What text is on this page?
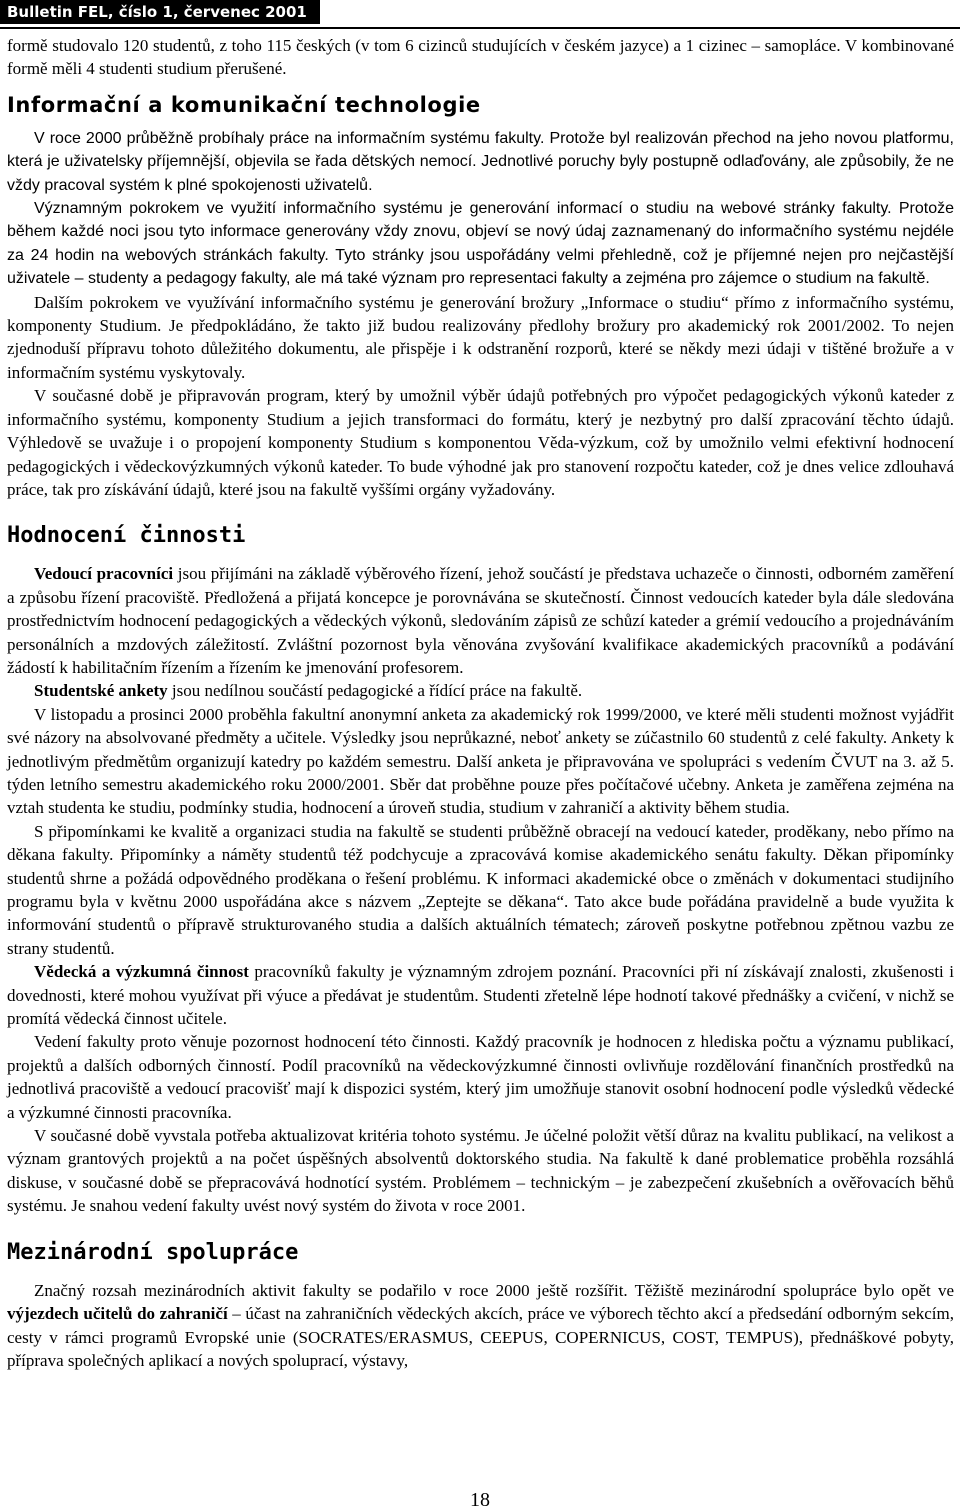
Bulletin FEL, číslo 1, červenec 2001

formě studovalo 120 studentů, z toho 115 českých (v tom 6 cizinců studujících v českém jazyce) a 1 cizinec – samopláce. V kombinované formě měli 4 studenti studium přerušené.

Informační a komunikační technologie

V roce 2000 průběžně probíhaly práce na informačním systému fakulty. Protože byl realizován přechod na jeho novou platformu, která je uživatelsky příjemnější, objevila se řada dětských nemocí. Jednotlivé poruchy byly postupně odlaďovány, ale způsobily, že ne vždy pracoval systém k plné spokojenosti uživatelů.

Významným pokrokem ve využití informačního systému je generování informací o studiu na webové stránky fakulty. Protože během každé noci jsou tyto informace generovány vždy znovu, objeví se nový údaj zaznamenaný do informačního systému nejdéle za 24 hodin na webových stránkách fakulty. Tyto stránky jsou uspořádány velmi přehledně, což je příjemné nejen pro nejčastější uživatele – studenty a pedagogy fakulty, ale má také význam pro representaci fakulty a zejména pro zájemce o studium na fakultě.

Dalším pokrokem ve využívání informačního systému je generování brožury „Informace o studiu“ přímo z informačního systému, komponenty Studium. Je předpokládáno, že takto již budou realizovány předlohy brožury pro akademický rok 2001/2002. To nejen zjednoduší přípravu tohoto důležitého dokumentu, ale přispěje i k odstranění rozporů, které se někdy mezi údaji v tištěné brožuře a v informačním systému vyskytovaly.

V současné době je připravován program, který by umožnil výběr údajů potřebných pro výpočet pedagogických výkonů kateder z informačního systému, komponenty Studium a jejich transformaci do formátu, který je nezbytný pro další zpracování těchto údajů. Výhledově se uvažuje i o propojení komponenty Studium s komponentou Věda-výzkum, což by umožnilo velmi efektivní hodnocení pedagogických i vědeckovýzkumných výkonů kateder. To bude výhodné jak pro stanovení rozpočtu kateder, což je dnes velice zdlouhavá práce, tak pro získávání údajů, které jsou na fakultě vyššími orgány vyžadovány.

Hodnocení činnosti

Vedoucí pracovníci jsou přijímáni na základě výběrového řízení, jehož součástí je představa uchazeče o činnosti, odborném zaměření a způsobu řízení pracoviště. Předložená a přijatá koncepce je porovnávána se skutečností. Činnost vedoucích kateder byla dále sledována prostřednictvím hodnocení pedagogických a vědeckých výkonů, sledováním zápisů ze schůzí kateder a grémií vedoucího a projednáváním personálních a mzdových záležitostí. Zvláštní pozornost byla věnována zvyšování kvalifikace akademických pracovníků a podávání žádostí k habilitačním řízením a řízením ke jmenování profesorem.

Studentské ankety jsou nedílnou součástí pedagogické a řídící práce na fakultě.

V listopadu a prosinci 2000 proběhla fakultní anonymní anketa za akademický rok 1999/2000, ve které měli studenti možnost vyjádřit své názory na absolvované předměty a učitele. Výsledky jsou neprůkazné, neboť ankety se zúčastnilo 60 studentů z celé fakulty. Ankety k jednotlivým předmětům organizují katedry po každém semestru. Další anketa je připravována ve spolupráci s vedením ČVUT na 3. až 5. týden letního semestru akademického roku 2000/2001. Sběr dat proběhne pouze přes počítačové učebny. Anketa je zaměřena zejména na vztah studenta ke studiu, podmínky studia, hodnocení a úroveň studia, studium v zahraničí a aktivity během studia.

S připomínkami ke kvalitě a organizaci studia na fakultě se studenti průběžně obracejí na vedoucí kateder, proděkany, nebo přímo na děkana fakulty. Připomínky a náměty studentů též podchycuje a zpracovává komise akademického senátu fakulty. Děkan připomínky studentů shrne a požádá odpovědného proděkana o řešení problému. K informaci akademické obce o změnách v dokumentaci studijního programu byla v květnu 2000 uspořádána akce s názvem „Zeptejte se děkana“. Tato akce bude pořádána pravidelně a bude využita k informování studentů o přípravě strukturovaného studia a dalších aktuálních tématech; zároveň poskytne potřebnou zpětnou vazbu ze strany studentů.

Vědecká a výzkumná činnost pracovníků fakulty je významným zdrojem poznání. Pracovníci při ní získávají znalosti, zkušenosti i dovednosti, které mohou využívat při výuce a předávat je studentům. Studenti zřetelně lépe hodnotí takové přednášky a cvičení, v nichž se promítá vědecká činnost učitele.

Vedení fakulty proto věnuje pozornost hodnocení této činnosti. Každý pracovník je hodnocen z hlediska počtu a významu publikací, projektů a dalších odborných činností. Podíl pracovníků na vědeckovýzkumné činnosti ovlivňuje rozdělování finančních prostředků na jednotlivá pracoviště a vedoucí pracovišť mají k dispozici systém, který jim umožňuje stanovit osobní hodnocení podle výsledků vědecké a výzkumné činnosti pracovníka.

V současné době vyvstala potřeba aktualizovat kritéria tohoto systému. Je účelné položit větší důraz na kvalitu publikací, na velikost a význam grantových projektů a na počet úspěšných absolventů doktorského studia. Na fakultě k dané problematice proběhla rozsáhlá diskuse, v současné době se přepracovává hodnotící systém. Problémem – technickým – je zabezpečení zkušebních a ověřovacích běhů systému. Je snahou vedení fakulty uvést nový systém do života v roce 2001.

Mezinárodní spolupráce

Značný rozsah mezinárodních aktivit fakulty se podařilo v roce 2000 ještě rozšířit. Těžiště mezinárodní spolupráce bylo opět ve výjezdech učitelů do zahraničí – účast na zahraničních vědeckých akcích, práce ve výborech těchto akcí a předsedání odborným sekcím, cesty v rámci programů Evropské unie (SOCRATES/ERASMUS, CEEPUS, COPERNICUS, COST, TEMPUS), přednáškové pobyty, příprava společných aplikací a nových spoluprací, výstavy,

18
